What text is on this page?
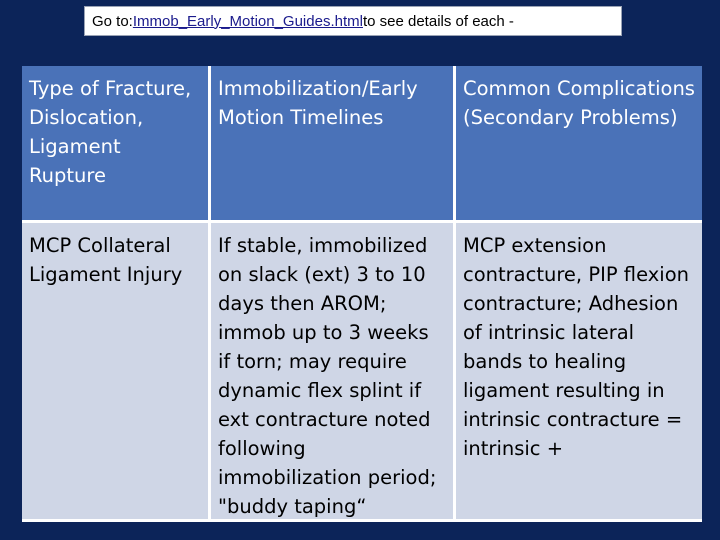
Go to: Immob_Early_Motion_Guides.html to see details of each -
Type of Fracture, Dislocation, Ligament Rupture
Immobilization/Early Motion Timelines
Common Complications (Secondary Problems)
MCP Collateral Ligament Injury
If stable, immobilized on slack (ext) 3 to 10 days then AROM; immob up to 3 weeks if torn; may require dynamic flex splint if ext contracture noted following immobilization period; "buddy taping“
MCP extension contracture, PIP flexion contracture; Adhesion of intrinsic lateral bands to healing ligament resulting in intrinsic contracture = intrinsic +
